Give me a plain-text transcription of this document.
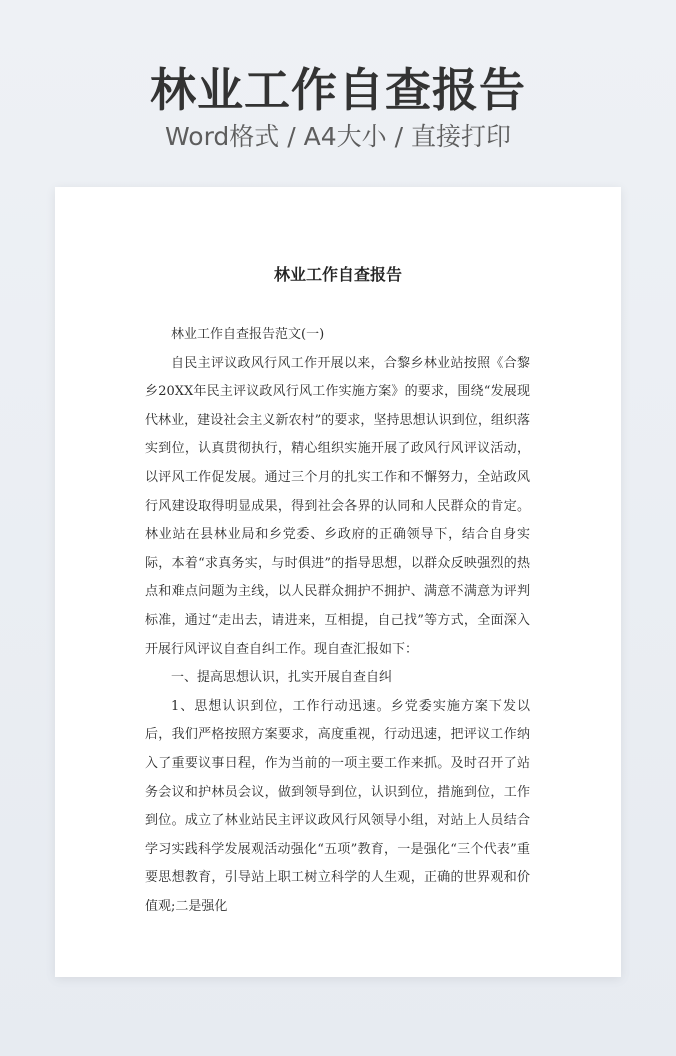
林业工作自查报告
Word格式 / A4大小 / 直接打印
林业工作自查报告

林业工作自查报告范文(一)

自民主评议政风行风工作开展以来，合黎乡林业站按照《合黎乡20XX年民主评议政风行风工作实施方案》的要求，围绕“发展现代林业，建设社会主义新农村”的要求，坚持思想认识到位，组织落实到位，认真贯彻执行，精心组织实施开展了政风行风评议活动，以评风工作促发展。通过三个月的扎实工作和不懈努力，全站政风行风建设取得明显成果，得到社会各界的认同和人民群众的肯定。林业站在县林业局和乡党委、乡政府的正确领导下，结合自身实际，本着“求真务实，与时俱进”的指导思想，以群众反映强烈的热点和难点问题为主线，以人民群众拥护不拥护、满意不满意为评判标准，通过“走出去，请进来，互相提，自己找”等方式，全面深入开展行风评议自查自纠工作。现自查汇报如下：

一、提高思想认识，扎实开展自查自纠

1、思想认识到位，工作行动迅速。乡党委实施方案下发以后，我们严格按照方案要求，高度重视，行动迅速，把评议工作纳入了重要议事日程，作为当前的一项主要工作来抓。及时召开了站务会议和护林员会议，做到领导到位，认识到位，措施到位，工作到位。成立了林业站民主评议政风行风领导小组，对站上人员结合学习实践科学发展观活动强化“五项”教育，一是强化“三个代表”重要思想教育，引导站上职工树立科学的人生观，正确的世界观和价值观;二是强化
